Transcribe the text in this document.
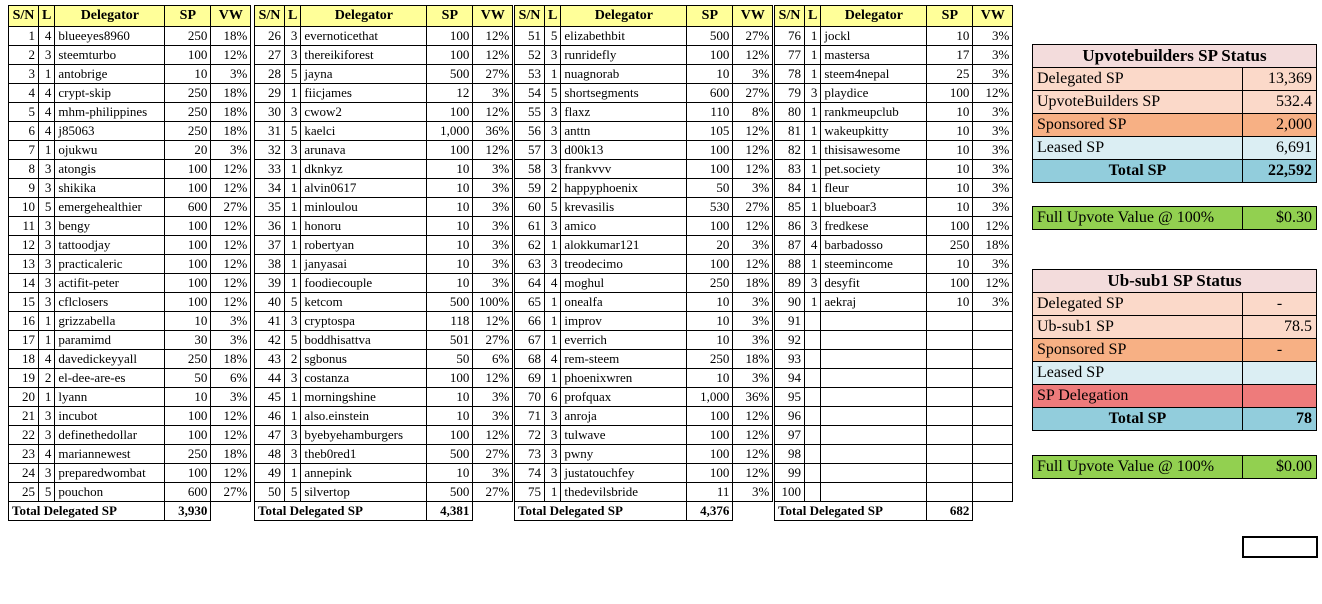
S/N	L	Delegator	SP	VW
1	4	blueeyes8960	250	18%
2	3	steemturbo	100	12%
3	1	antobrige	10	3%
4	4	crypt-skip	250	18%
5	4	mhm-philippines	250	18%
6	4	j85063	250	18%
7	1	ojukwu	20	3%
8	3	atongis	100	12%
9	3	shikika	100	12%
10	5	emergehealthier	600	27%
11	3	bengy	100	12%
12	3	tattoodjay	100	12%
13	3	practicaleric	100	12%
14	3	actifit-peter	100	12%
15	3	cflclosers	100	12%
16	1	grizzabella	10	3%
17	1	paramimd	30	3%
18	4	davedickeyyall	250	18%
19	2	el-dee-are-es	50	6%
20	1	lyann	10	3%
21	3	incubot	100	12%
22	3	definethedollar	100	12%
23	4	mariannewest	250	18%
24	3	preparedwombat	100	12%
25	5	pouchon	600	27%
Total Delegated SP			3,930	
S/N	L	Delegator	SP	VW
26	3	evernoticethat	100	12%
27	3	thereikiforest	100	12%
28	5	jayna	500	27%
29	1	fiicjames	12	3%
30	3	cwow2	100	12%
31	5	kaelci	1,000	36%
32	3	arunava	100	12%
33	1	dknkyz	10	3%
34	1	alvin0617	10	3%
35	1	minloulou	10	3%
36	1	honoru	10	3%
37	1	robertyan	10	3%
38	1	janyasai	10	3%
39	1	foodiecouple	10	3%
40	5	ketcom	500	100%
41	3	cryptospa	118	12%
42	5	boddhisattva	501	27%
43	2	sgbonus	50	6%
44	3	costanza	100	12%
45	1	morningshine	10	3%
46	1	also.einstein	10	3%
47	3	byebyehamburgers	100	12%
48	3	theb0red1	500	27%
49	1	annepink	10	3%
50	5	silvertop	500	27%
Total Delegated SP			4,381	
S/N	L	Delegator	SP	VW
51	5	elizabethbit	500	27%
52	3	runridefly	100	12%
53	1	nuagnorab	10	3%
54	5	shortsegments	600	27%
55	3	flaxz	110	8%
56	3	anttn	105	12%
57	3	d00k13	100	12%
58	3	frankvvv	100	12%
59	2	happyphoenix	50	3%
60	5	krevasilis	530	27%
61	3	amico	100	12%
62	1	alokkumar121	20	3%
63	3	treodecimo	100	12%
64	4	moghul	250	18%
65	1	onealfa	10	3%
66	1	improv	10	3%
67	1	everrich	10	3%
68	4	rem-steem	250	18%
69	1	phoenixwren	10	3%
70	6	profquax	1,000	36%
71	3	anroja	100	12%
72	3	tulwave	100	12%
73	3	pwny	100	12%
74	3	justatouchfey	100	12%
75	1	thedevilsbride	11	3%
Total Delegated SP			4,376	
S/N	L	Delegator	SP	VW
76	1	jockl	10	3%
77	1	mastersa	17	3%
78	1	steem4nepal	25	3%
79	3	playdice	100	12%
80	1	rankmeupclub	10	3%
81	1	wakeupkitty	10	3%
82	1	thisisawesome	10	3%
83	1	pet.society	10	3%
84	1	fleur	10	3%
85	1	blueboar3	10	3%
86	3	fredkese	100	12%
87	4	barbadosso	250	18%
88	1	steemincome	10	3%
89	3	desyfit	100	12%
90	1	aekraj	10	3%
91				
92				
93				
94				
95				
96				
97				
98				
99				
100				
Total Delegated SP			682	
Upvotebuilders SP Status	
Delegated SP	13,369
UpvoteBuilders SP	532.4
Sponsored SP	2,000
Leased SP	6,691
Total SP	22,592
Full Upvote Value @ 100%	$0.30
Ub-sub1 SP Status	
Delegated SP	-
Ub-sub1 SP	78.5
Sponsored SP	-
Leased SP	
SP Delegation	
Total SP	78
Full Upvote Value @ 100%	$0.00
